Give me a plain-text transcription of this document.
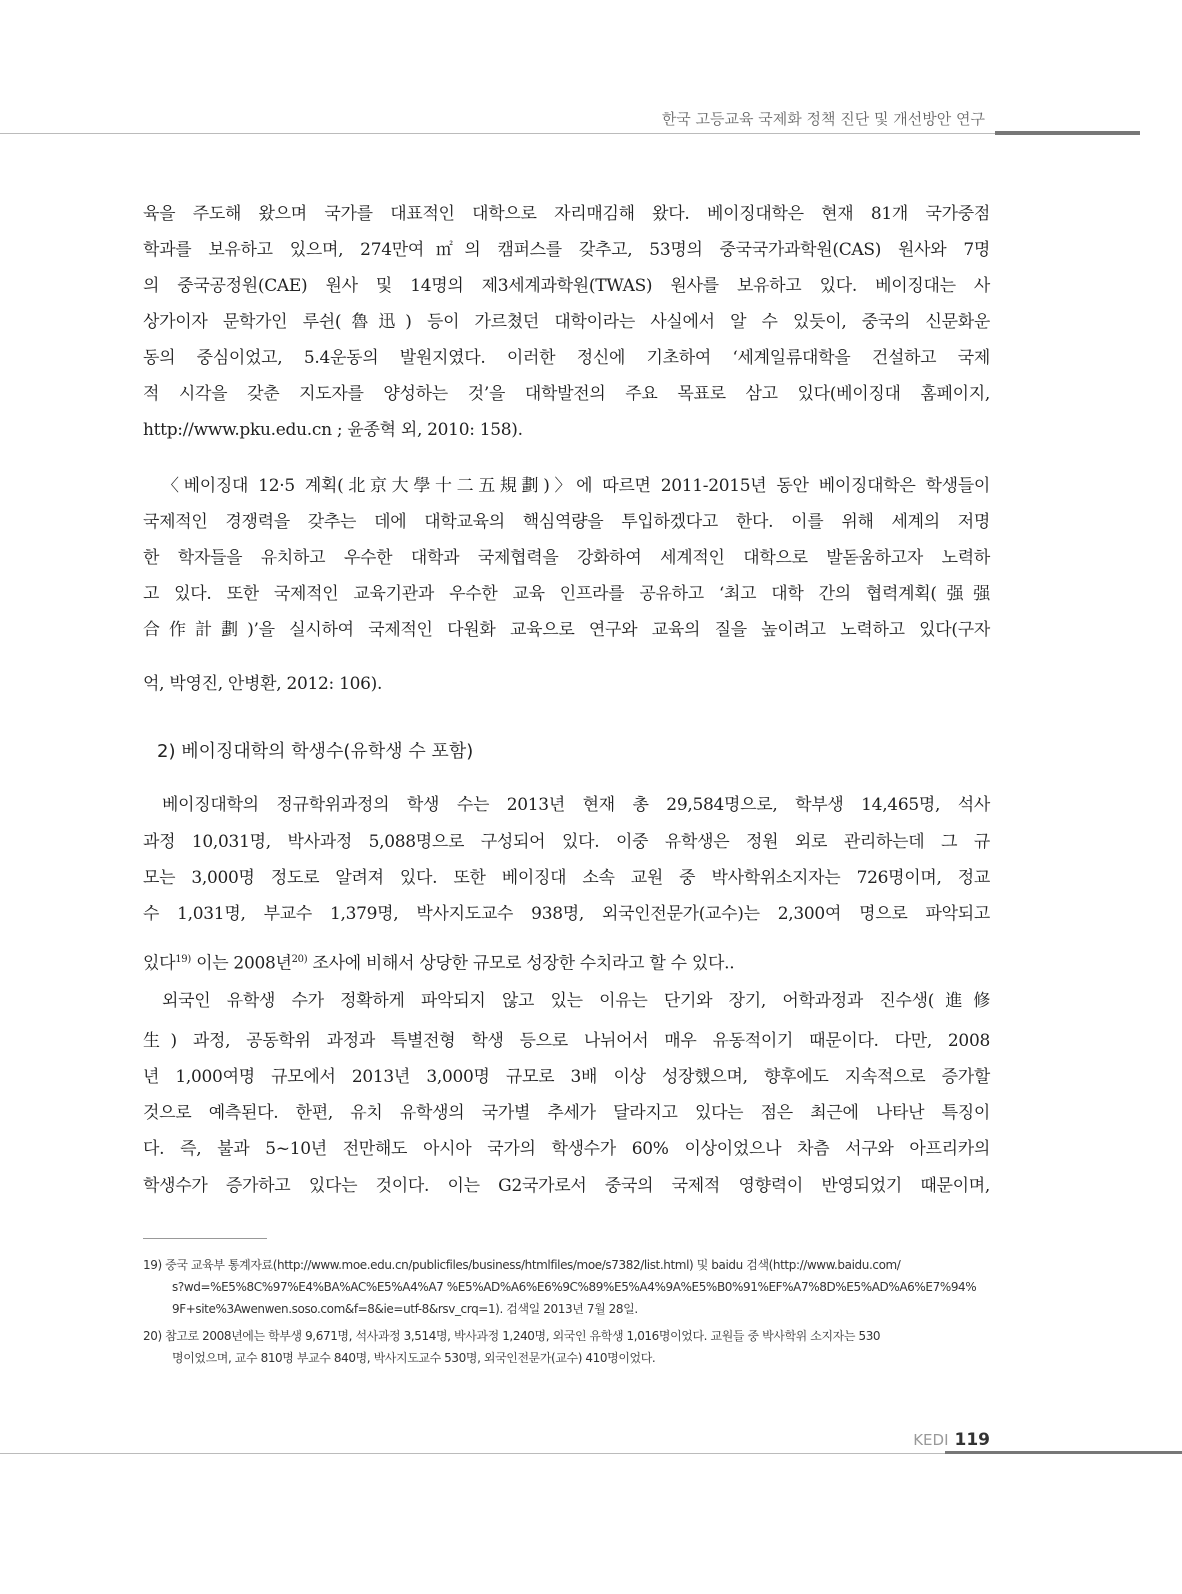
한국 고등교육 국제화 정책 진단 및 개선방안 연구
육을 주도해 왔으며 국가를 대표적인 대학으로 자리매김해 왔다. 베이징대학은 현재 81개 국가중점
학과를 보유하고 있으며, 274만여㎡의 캠퍼스를 갖추고, 53명의 중국국가과학원(CAS) 원사와 7명
의 중국공정원(CAE) 원사 및 14명의 제3세계과학원(TWAS) 원사를 보유하고 있다. 베이징대는 사
상가이자 문학가인 루쉰(魯迅) 등이 가르쳤던 대학이라는 사실에서 알 수 있듯이, 중국의 신문화운
동의 중심이었고, 5.4운동의 발원지였다. 이러한 정신에 기초하여 ‘세계일류대학을 건설하고 국제
적 시각을 갖춘 지도자를 양성하는 것’을 대학발전의 주요 목표로 삼고 있다(베이징대 홈페이지,
http://www.pku.edu.cn ; 윤종혁 외, 2010: 158).
〈베이징대 12·5 계획(北京大學十二五規劃)〉에 따르면 2011-2015년 동안 베이징대학은 학생들이
국제적인 경쟁력을 갖추는 데에 대학교육의 핵심역량을 투입하겠다고 한다. 이를 위해 세계의 저명
한 학자들을 유치하고 우수한 대학과 국제협력을 강화하여 세계적인 대학으로 발돋움하고자 노력하
고 있다. 또한 국제적인 교육기관과 우수한 교육 인프라를 공유하고 ‘최고 대학 간의 협력계획(强强
合作計劃)’을 실시하여 국제적인 다원화 교육으로 연구와 교육의 질을 높이려고 노력하고 있다(구자
억, 박영진, 안병환, 2012: 106).
2) 베이징대학의 학생수(유학생 수 포함)
베이징대학의 정규학위과정의 학생 수는 2013년 현재 총 29,584명으로, 학부생 14,465명, 석사
과정 10,031명, 박사과정 5,088명으로 구성되어 있다. 이중 유학생은 정원 외로 관리하는데 그 규
모는 3,000명 정도로 알려져 있다. 또한 베이징대 소속 교원 중 박사학위소지자는 726명이며, 정교
수 1,031명, 부교수 1,379명, 박사지도교수 938명, 외국인전문가(교수)는 2,300여 명으로 파악되고
있다$^{19)}$ 이는 2008년$^{20)}$ 조사에 비해서 상당한 규모로 성장한 수치라고 할 수 있다..
외국인 유학생 수가 정확하게 파악되지 않고 있는 이유는 단기와 장기, 어학과정과 진수생(進修
生) 과정, 공동학위 과정과 특별전형 학생 등으로 나뉘어서 매우 유동적이기 때문이다. 다만, 2008
년 1,000여명 규모에서 2013년 3,000명 규모로 3배 이상 성장했으며, 향후에도 지속적으로 증가할
것으로 예측된다. 한편, 유치 유학생의 국가별 추세가 달라지고 있다는 점은 최근에 나타난 특징이
다. 즉, 불과 5~10년 전만해도 아시아 국가의 학생수가 60% 이상이었으나 차츰 서구와 아프리카의
학생수가 증가하고 있다는 것이다. 이는 G2국가로서 중국의 국제적 영향력이 반영되었기 때문이며,
19) 중국 교육부 통계자료(http://www.moe.edu.cn/publicfiles/business/htmlfiles/moe/s7382/list.html) 및 baidu 검색(http://www.baidu.com/
s?wd=%E5%8C%97%E4%BA%AC%E5%A4%A7 %E5%AD%A6%E6%9C%89%E5%A4%9A%E5%B0%91%EF%A7%8D%E5%AD%A6%E7%94%
9F+site%3Awenwen.soso.com&f=8&ie=utf-8&rsv_crq=1). 검색일 2013년 7월 28일.
20) 참고로 2008년에는 학부생 9,671명, 석사과정 3,514명, 박사과정 1,240명, 외국인 유학생 1,016명이었다. 교원들 중 박사학위 소지자는 530
명이었으며, 교수 810명 부교수 840명, 박사지도교수 530명, 외국인전문가(교수) 410명이었다.
KEDI 119
